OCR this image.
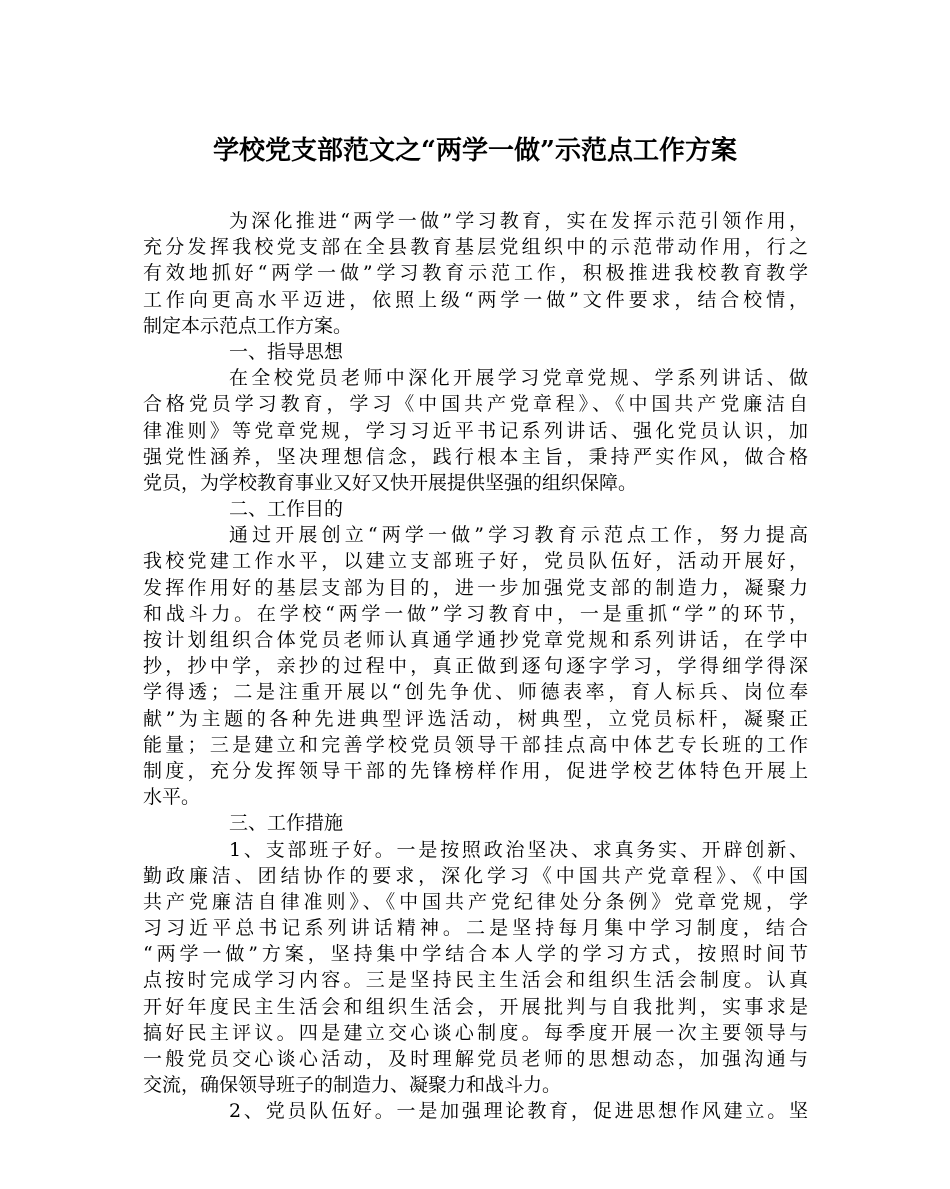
学校党支部范文之“两学一做”示范点工作方案
为深化推进“两学一做”学习教育，实在发挥示范引领作用，
充分发挥我校党支部在全县教育基层党组织中的示范带动作用，行之
有效地抓好“两学一做”学习教育示范工作，积极推进我校教育教学
工作向更高水平迈进，依照上级“两学一做”文件要求，结合校情，
制定本示范点工作方案。
一、指导思想
在全校党员老师中深化开展学习党章党规、学系列讲话、做
合格党员学习教育，学习《中国共产党章程》、《中国共产党廉洁自
律准则》等党章党规，学习习近平书记系列讲话、强化党员认识，加
强党性涵养，坚决理想信念，践行根本主旨，秉持严实作风，做合格
党员，为学校教育事业又好又快开展提供坚强的组织保障。
二、工作目的
通过开展创立“两学一做”学习教育示范点工作，努力提高
我校党建工作水平，以建立支部班子好，党员队伍好，活动开展好，
发挥作用好的基层支部为目的，进一步加强党支部的制造力，凝聚力
和战斗力。在学校“两学一做”学习教育中，一是重抓“学”的环节，
按计划组织合体党员老师认真通学通抄党章党规和系列讲话，在学中
抄，抄中学，亲抄的过程中，真正做到逐句逐字学习，学得细学得深
学得透；二是注重开展以“创先争优、师德表率，育人标兵、岗位奉
献”为主题的各种先进典型评选活动，树典型，立党员标杆，凝聚正
能量；三是建立和完善学校党员领导干部挂点高中体艺专长班的工作
制度，充分发挥领导干部的先锋榜样作用，促进学校艺体特色开展上
水平。
三、工作措施
1、支部班子好。一是按照政治坚决、求真务实、开辟创新、
勤政廉洁、团结协作的要求，深化学习《中国共产党章程》、《中国
共产党廉洁自律准则》、《中国共产党纪律处分条例》党章党规，学
习习近平总书记系列讲话精神。二是坚持每月集中学习制度，结合
“两学一做”方案，坚持集中学结合本人学的学习方式，按照时间节
点按时完成学习内容。三是坚持民主生活会和组织生活会制度。认真
开好年度民主生活会和组织生活会，开展批判与自我批判，实事求是
搞好民主评议。四是建立交心谈心制度。每季度开展一次主要领导与
一般党员交心谈心活动，及时理解党员老师的思想动态，加强沟通与
交流，确保领导班子的制造力、凝聚力和战斗力。
2、党员队伍好。一是加强理论教育，促进思想作风建立。坚
